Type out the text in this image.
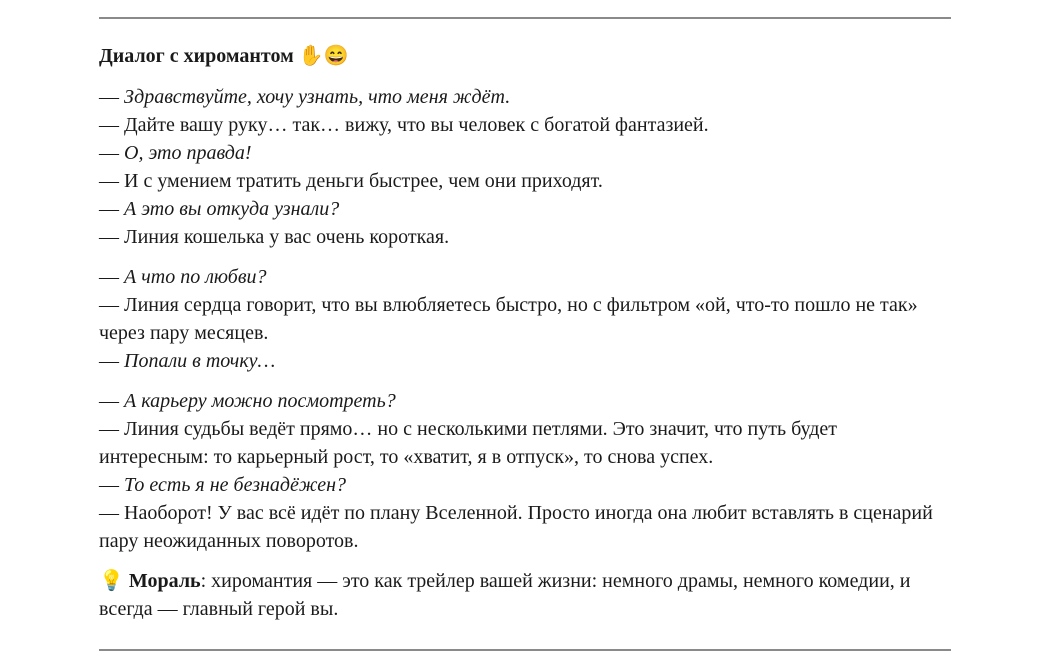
Диалог с хиромантом ✋😄
— Здравствуйте, хочу узнать, что меня ждёт.
— Дайте вашу руку… так… вижу, что вы человек с богатой фантазией.
— О, это правда!
— И с умением тратить деньги быстрее, чем они приходят.
— А это вы откуда узнали?
— Линия кошелька у вас очень короткая.
— А что по любви?
— Линия сердца говорит, что вы влюбляетесь быстро, но с фильтром «ой, что-то пошло не так» через пару месяцев.
— Попали в точку…
— А карьеру можно посмотреть?
— Линия судьбы ведёт прямо… но с несколькими петлями. Это значит, что путь будет интересным: то карьерный рост, то «хватит, я в отпуск», то снова успех.
— То есть я не безнадёжен?
— Наоборот! У вас всё идёт по плану Вселенной. Просто иногда она любит вставлять в сценарий пару неожиданных поворотов.
💡 Мораль: хиромантия — это как трейлер вашей жизни: немного драмы, немного комедии, и всегда — главный герой вы.
